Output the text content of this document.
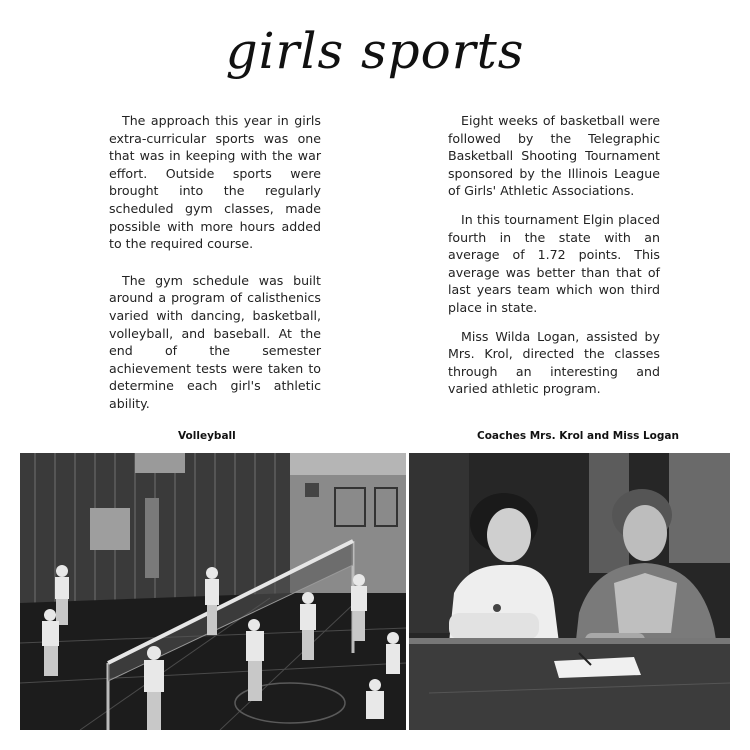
girls sports

The approach this year in girls extra-curricular sports was one that was in keeping with the war effort. Outside sports were brought into the regularly scheduled gym classes, made possible with more hours added to the required course.

The gym schedule was built around a program of calisthenics varied with dancing, basketball, volleyball, and baseball. At the end of the semester achievement tests were taken to determine each girl's athletic ability.

Eight weeks of basketball were followed by the Telegraphic Basketball Shooting Tournament sponsored by the Illinois League of Girls' Athletic Associations.

In this tournament Elgin placed fourth in the state with an average of 1.72 points. This average was better than that of last years team which won third place in state.

Miss Wilda Logan, assisted by Mrs. Krol, directed the classes through an interesting and varied athletic program.

Volleyball	Coaches Mrs. Krol and Miss Logan
